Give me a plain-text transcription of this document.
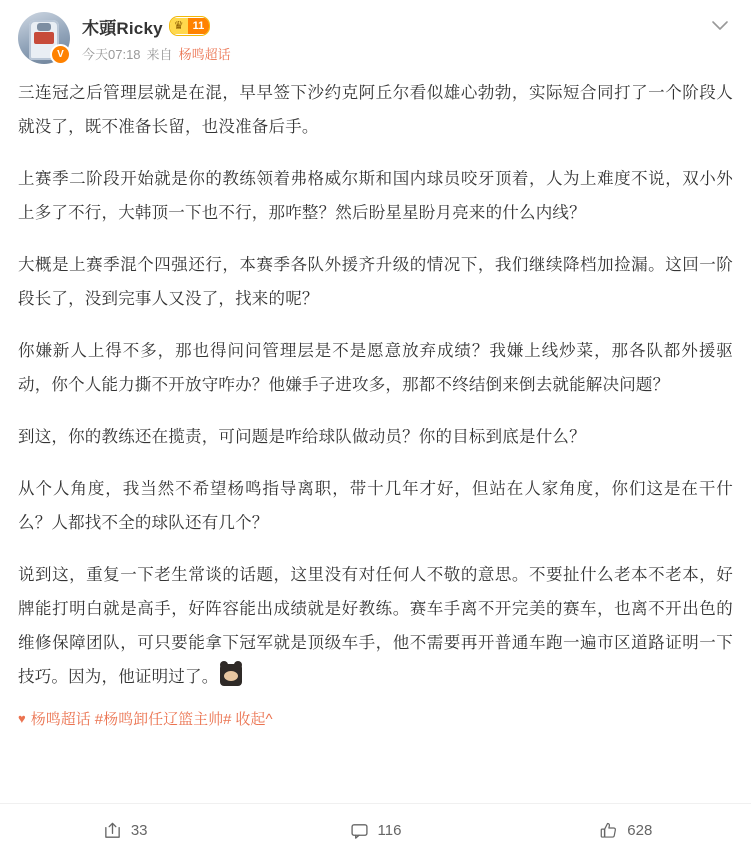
V
木頭Ricky	♛ 11
今天07:18 来自 杨鸣超话

三连冠之后管理层就是在混，早早签下沙约克阿丘尔看似雄心勃勃，实际短合同打了一个阶段人就没了，既不准备长留，也没准备后手。

上赛季二阶段开始就是你的教练领着弗格威尔斯和国内球员咬牙顶着，人为上难度不说，双小外上多了不行，大韩顶一下也不行，那咋整？然后盼星星盼月亮来的什么内线？

大概是上赛季混个四强还行，本赛季各队外援齐升级的情况下，我们继续降档加捡漏。这回一阶段长了，没到完事人又没了，找来的呢？

你嫌新人上得不多，那也得问问管理层是不是愿意放弃成绩？我嫌上线炒菜，那各队都外援驱动，你个人能力撕不开放守咋办？他嫌手子进攻多，那都不终结倒来倒去就能解决问题？

到这，你的教练还在揽责，可问题是咋给球队做动员？你的目标到底是什么？

从个人角度，我当然不希望杨鸣指导离职，带十几年才好，但站在人家角度，你们这是在干什么？人都找不全的球队还有几个？

说到这，重复一下老生常谈的话题，这里没有对任何人不敬的意思。不要扯什么老本不老本，好牌能打明白就是高手，好阵容能出成绩就是好教练。赛车手离不开完美的赛车，也离不开出色的维修保障团队，可只要能拿下冠军就是顶级车手，他不需要再开普通车跑一遍市区道路证明一下技巧。因为，他证明过了。

♥ 杨鸣超话 #杨鸣卸任辽篮主帅# 收起^
33	116	628
